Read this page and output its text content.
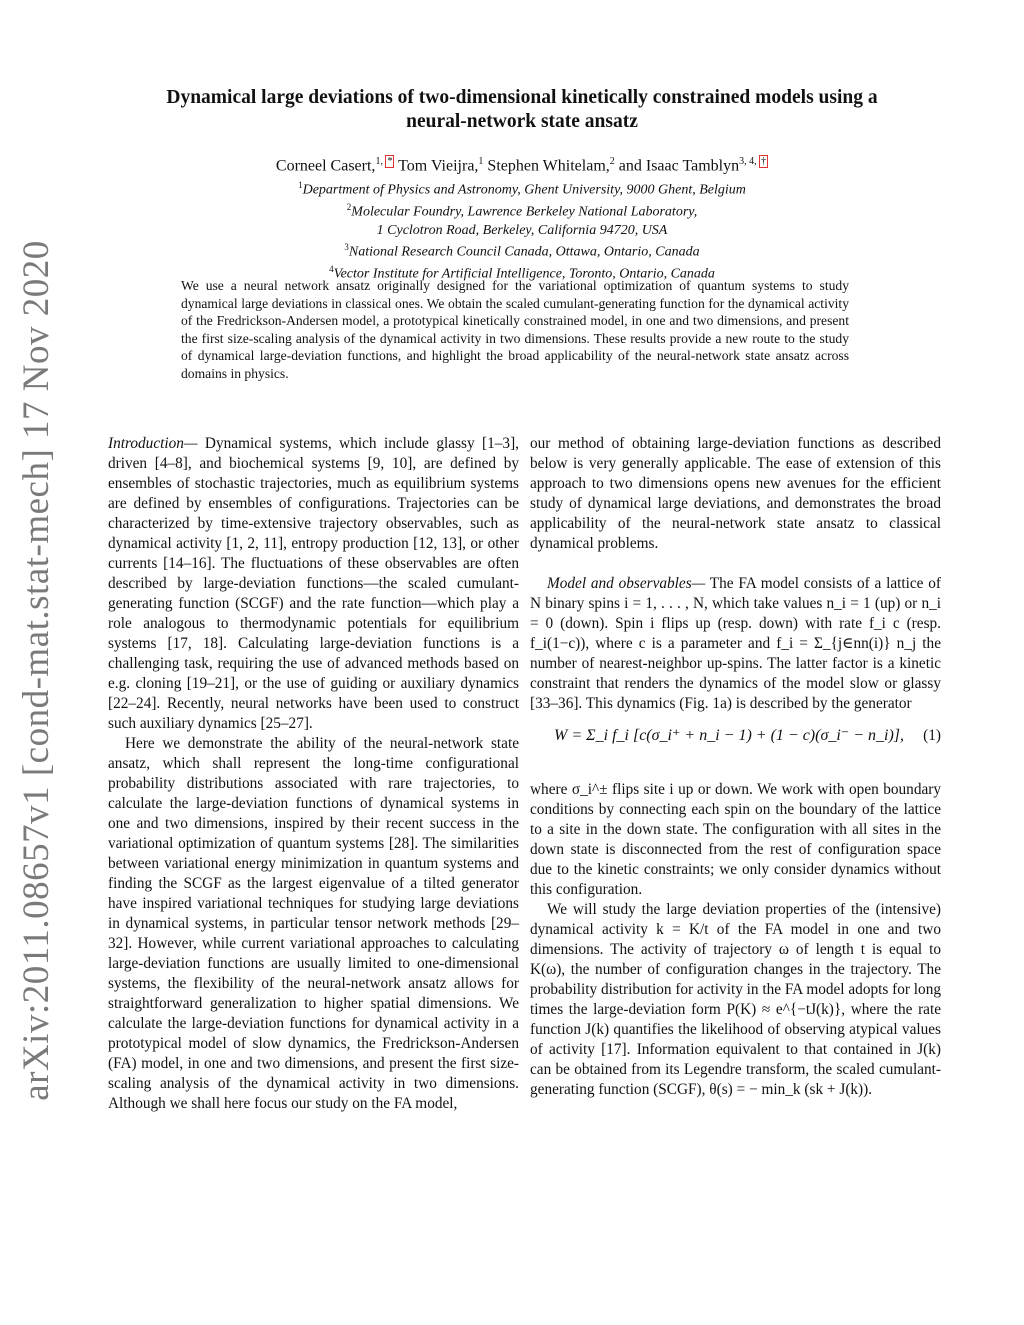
arXiv:2011.08657v1 [cond-mat.stat-mech] 17 Nov 2020
Dynamical large deviations of two-dimensional kinetically constrained models using a
neural-network state ansatz
Corneel Casert,$^{1,}$ * Tom Vieijra,$^1$ Stephen Whitelam,$^2$ and Isaac Tamblyn$^{3, 4,}$ †
$^1$Department of Physics and Astronomy, Ghent University, 9000 Ghent, Belgium
$^2$Molecular Foundry, Lawrence Berkeley National Laboratory,
1 Cyclotron Road, Berkeley, California 94720, USA
$^3$National Research Council Canada, Ottawa, Ontario, Canada
$^4$Vector Institute for Artificial Intelligence, Toronto, Ontario, Canada
We use a neural network ansatz originally designed for the variational optimization of quantum systems to study dynamical large deviations in classical ones. We obtain the scaled cumulant-generating function for the dynamical activity of the Fredrickson-Andersen model, a prototypical kinetically constrained model, in one and two dimensions, and present the first size-scaling analysis of the dynamical activity in two dimensions. These results provide a new route to the study of dynamical large-deviation functions, and highlight the broad applicability of the neural-network state ansatz across domains in physics.

Introduction— Dynamical systems, which include glassy [1–3], driven [4–8], and biochemical systems [9, 10], are defined by ensembles of stochastic trajectories, much as equilibrium systems are defined by ensembles of configurations. Trajectories can be characterized by time-extensive trajectory observables, such as dynamical activity [1, 2, 11], entropy production [12, 13], or other currents [14–16]. The fluctuations of these observables are often described by large-deviation functions—the scaled cumulant-generating function (SCGF) and the rate function—which play a role analogous to thermodynamic potentials for equilibrium systems [17, 18]. Calculating large-deviation functions is a challenging task, requiring the use of advanced methods based on e.g. cloning [19–21], or the use of guiding or auxiliary dynamics [22–24]. Recently, neural networks have been used to construct such auxiliary dynamics [25–27].

Here we demonstrate the ability of the neural-network state ansatz, which shall represent the long-time configurational probability distributions associated with rare trajectories, to calculate the large-deviation functions of dynamical systems in one and two dimensions, inspired by their recent success in the variational optimization of quantum systems [28]. The similarities between variational energy minimization in quantum systems and finding the SCGF as the largest eigenvalue of a tilted generator have inspired variational techniques for studying large deviations in dynamical systems, in particular tensor network methods [29–32]. However, while current variational approaches to calculating large-deviation functions are usually limited to one-dimensional systems, the flexibility of the neural-network ansatz allows for straightforward generalization to higher spatial dimensions. We calculate the large-deviation functions for dynamical activity in a prototypical model of slow dynamics, the Fredrickson-Andersen (FA) model, in one and two dimensions, and present the first size-scaling analysis of the dynamical activity in two dimensions. Although we shall here focus our study on the FA model,

our method of obtaining large-deviation functions as described below is very generally applicable. The ease of extension of this approach to two dimensions opens new avenues for the efficient study of dynamical large deviations, and demonstrates the broad applicability of the neural-network state ansatz to classical dynamical problems.

Model and observables— The FA model consists of a lattice of N binary spins i = 1, . . . , N, which take values n_i = 1 (up) or n_i = 0 (down). Spin i flips up (resp. down) with rate f_i c (resp. f_i(1−c)), where c is a parameter and f_i = Σ_{j∈nn(i)} n_j the number of nearest-neighbor up-spins. The latter factor is a kinetic constraint that renders the dynamics of the model slow or glassy [33–36]. This dynamics (Fig. 1a) is described by the generator

W = Σ_i f_i [c(σ_i⁺ + n_i − 1) + (1 − c)(σ_i⁻ − n_i)], (1)

where σ_i^± flips site i up or down. We work with open boundary conditions by connecting each spin on the boundary of the lattice to a site in the down state. The configuration with all sites in the down state is disconnected from the rest of configuration space due to the kinetic constraints; we only consider dynamics without this configuration.

We will study the large deviation properties of the (intensive) dynamical activity k = K/t of the FA model in one and two dimensions. The activity of trajectory ω of length t is equal to K(ω), the number of configuration changes in the trajectory. The probability distribution for activity in the FA model adopts for long times the large-deviation form P(K) ≈ e^{−tJ(k)}, where the rate function J(k) quantifies the likelihood of observing atypical values of activity [17]. Information equivalent to that contained in J(k) can be obtained from its Legendre transform, the scaled cumulant-generating function (SCGF), θ(s) = − min_k (sk + J(k)).
